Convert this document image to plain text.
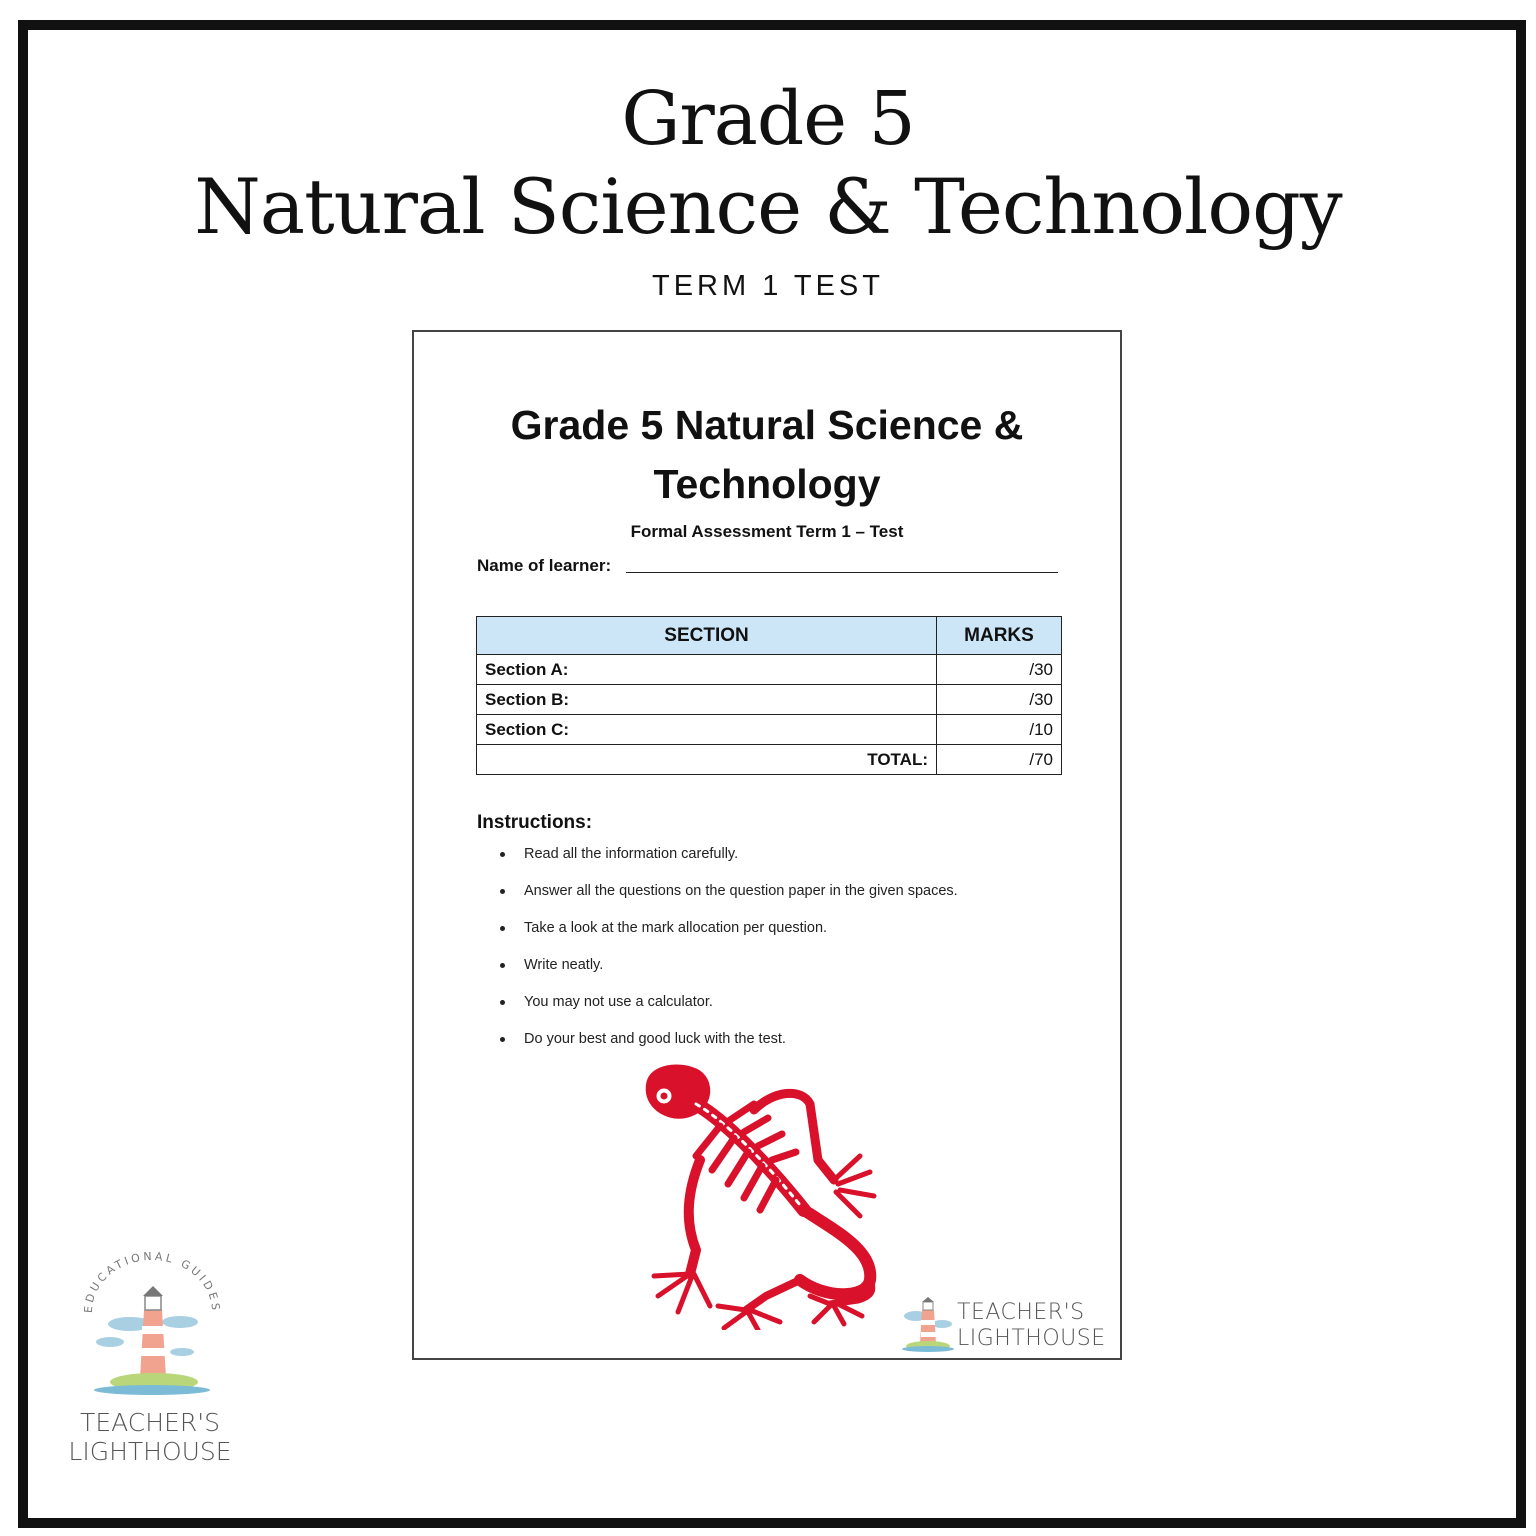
Grade 5
Natural Science & Technology
TERM 1 TEST
Grade 5 Natural Science &
Technology
Formal Assessment Term 1 – Test
Name of learner:
SECTION	MARKS
Section A:	/30
Section B:	/30
Section C:	/10
TOTAL:	/70
Instructions:
Read all the information carefully.
Answer all the questions on the question paper in the given spaces.
Take a look at the mark allocation per question.
Write neatly.
You may not use a calculator.
Do your best and good luck with the test.
TEACHER'S
LIGHTHOUSE
EDUCATIONAL GUIDES
TEACHER'S
LIGHTHOUSE
